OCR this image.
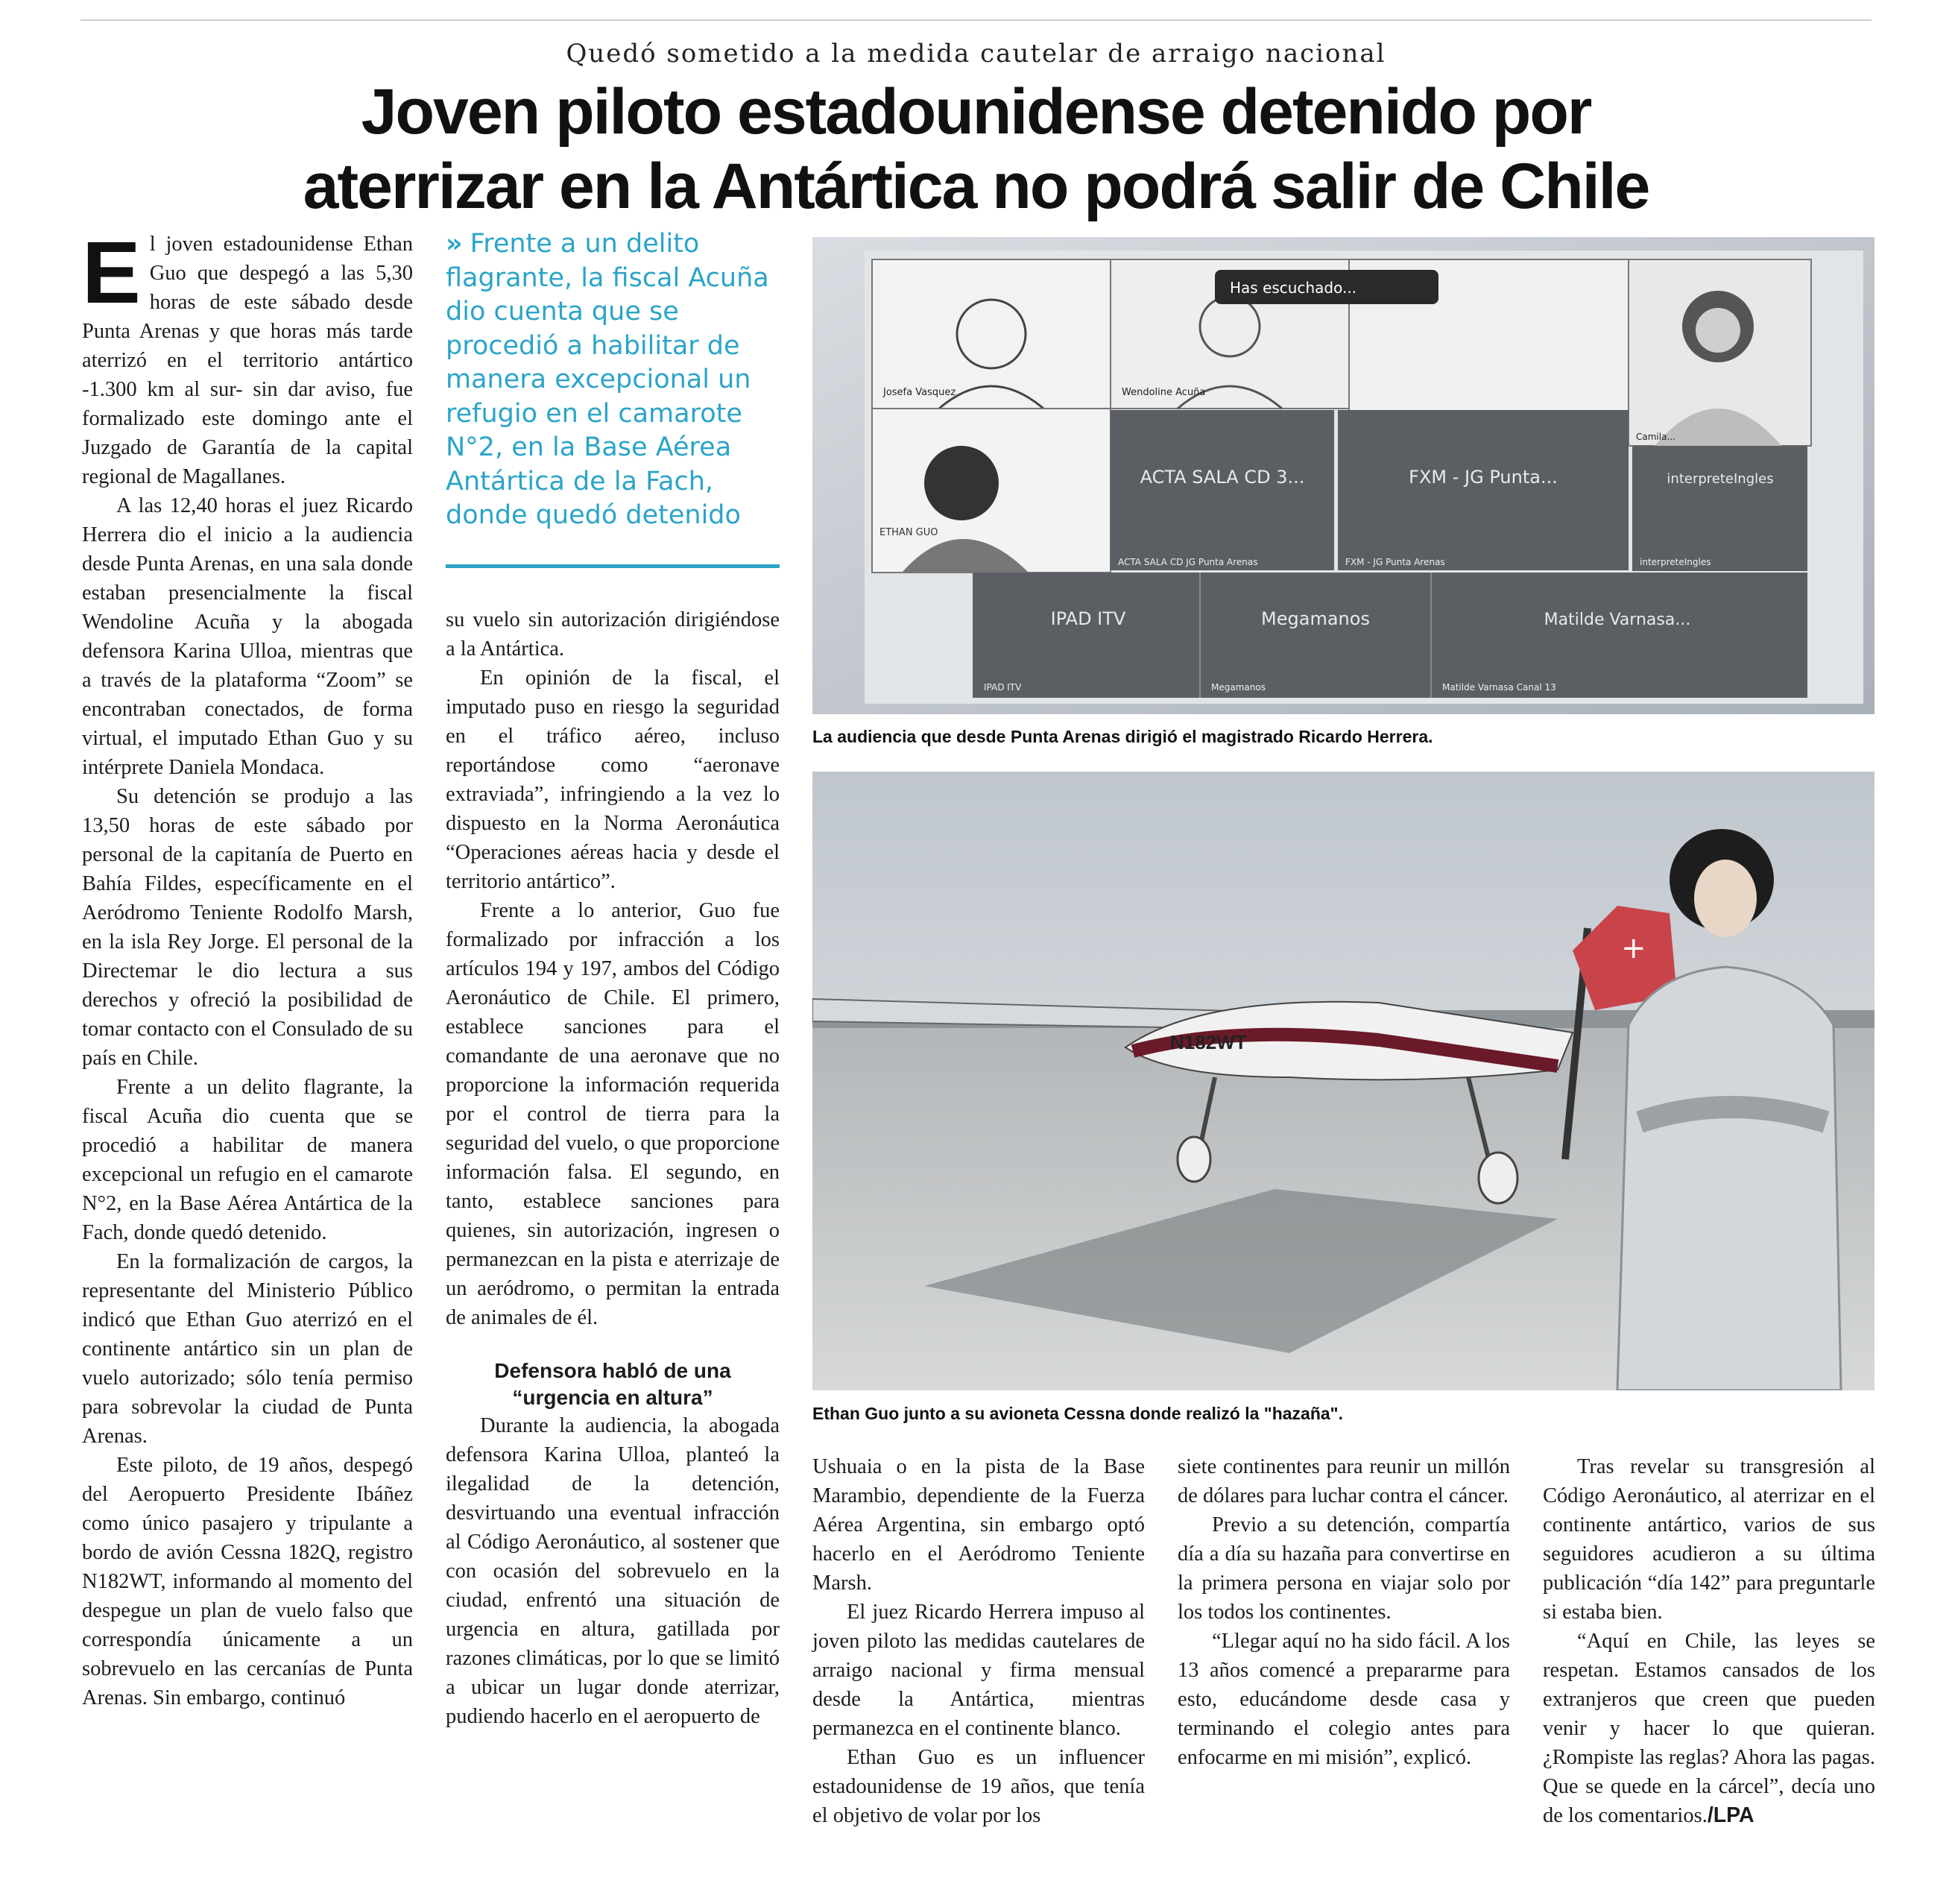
Quedó sometido a la medida cautelar de arraigo nacional
Joven piloto estadounidense detenido por
aterrizar en la Antártica no podrá salir de Chile

El joven estadounidense Ethan Guo que despegó a las 5,30 horas de este sábado desde Punta Arenas y que horas más tarde aterrizó en el territorio antártico -1.300 km al sur- sin dar aviso, fue formalizado este domingo ante el Juzgado de Garantía de la capital regional de Magallanes.

A las 12,40 horas el juez Ricardo Herrera dio el inicio a la audiencia desde Punta Arenas, en una sala donde estaban presencialmente la fiscal Wendoline Acuña y la abogada defensora Karina Ulloa, mientras que a través de la plataforma “Zoom” se encontraban conectados, de forma virtual, el imputado Ethan Guo y su intérprete Daniela Mondaca.

Su detención se produjo a las 13,50 horas de este sábado por personal de la capitanía de Puerto en Bahía Fildes, específicamente en el Aeródromo Teniente Rodolfo Marsh, en la isla Rey Jorge. El personal de la Directemar le dio lectura a sus derechos y ofreció la posibilidad de tomar contacto con el Consulado de su país en Chile.

Frente a un delito flagrante, la fiscal Acuña dio cuenta que se procedió a habilitar de manera excepcional un refugio en el camarote N°2, en la Base Aérea Antártica de la Fach, donde quedó detenido.

En la formalización de cargos, la representante del Ministerio Público indicó que Ethan Guo aterrizó en el continente antártico sin un plan de vuelo autorizado; sólo tenía permiso para sobrevolar la ciudad de Punta Arenas.

Este piloto, de 19 años, despegó del Aeropuerto Presidente Ibáñez como único pasajero y tripulante a bordo de avión Cessna 182Q, registro N182WT, informando al momento del despegue un plan de vuelo falso que correspondía únicamente a un sobrevuelo en las cercanías de Punta Arenas. Sin embargo, continuó

» Frente a un delito flagrante, la fiscal Acuña dio cuenta que se procedió a habilitar de manera excepcional un refugio en el camarote N°2, en la Base Aérea Antártica de la Fach, donde quedó detenido

su vuelo sin autorización dirigiéndose a la Antártica.

En opinión de la fiscal, el imputado puso en riesgo la seguridad en el tráfico aéreo, incluso reportándose como “aeronave extraviada”, infringiendo a la vez lo dispuesto en la Norma Aeronáutica “Operaciones aéreas hacia y desde el territorio antártico”.

Frente a lo anterior, Guo fue formalizado por infracción a los artículos 194 y 197, ambos del Código Aeronáutico de Chile. El primero, establece sanciones para el comandante de una aeronave que no proporcione la información requerida por el control de tierra para la seguridad del vuelo, o que proporcione información falsa. El segundo, en tanto, establece sanciones para quienes, sin autorización, ingresen o permanezcan en la pista e aterrizaje de un aeródromo, o permitan la entrada de animales de él.

Defensora habló de una “urgencia en altura”

Durante la audiencia, la abogada defensora Karina Ulloa, planteó la ilegalidad de la detención, desvirtuando una eventual infracción al Código Aeronáutico, al sostener que con ocasión del sobrevuelo en la ciudad, enfrentó una situación de urgencia en altura, gatillada por razones climáticas, por lo que se limitó a ubicar un lugar donde aterrizar, pudiendo hacerlo en el aeropuerto de

Has escuchado...
ACTA SALA CD 3...	FXM - JG Punta...	interpreteIngles
IPAD ITV	Megamanos	Matilde Varnasa...
Josefa Vasquez	Wendoline Acuña
Camila...
ETHAN GUO
ACTA SALA CD JG Punta Arenas	FXM - JG Punta Arenas	interpreteIngles
IPAD ITV	Megamanos	Matilde Varnasa Canal 13
La audiencia que desde Punta Arenas dirigió el magistrado Ricardo Herrera.
N182WT
+
Ethan Guo junto a su avioneta Cessna donde realizó la "hazaña".

Ushuaia o en la pista de la Base Marambio, dependiente de la Fuerza Aérea Argentina, sin embargo optó hacerlo en el Aeródromo Teniente Marsh.

El juez Ricardo Herrera impuso al joven piloto las medidas cautelares de arraigo nacional y firma mensual desde la Antártica, mientras permanezca en el continente blanco.

Ethan Guo es un influencer estadounidense de 19 años, que tenía el objetivo de volar por los

siete continentes para reunir un millón de dólares para luchar contra el cáncer.

Previo a su detención, compartía día a día su hazaña para convertirse en la primera persona en viajar solo por los todos los continentes.

“Llegar aquí no ha sido fácil. A los 13 años comencé a prepararme para esto, educándome desde casa y terminando el colegio antes para enfocarme en mi misión”, explicó.

Tras revelar su transgresión al Código Aeronáutico, al aterrizar en el continente antártico, varios de sus seguidores acudieron a su última publicación “día 142” para preguntarle si estaba bien.

“Aquí en Chile, las leyes se respetan. Estamos cansados de los extranjeros que creen que pueden venir y hacer lo que quieran. ¿Rompiste las reglas? Ahora las pagas. Que se quede en la cárcel”, decía uno de los comentarios./LPA
